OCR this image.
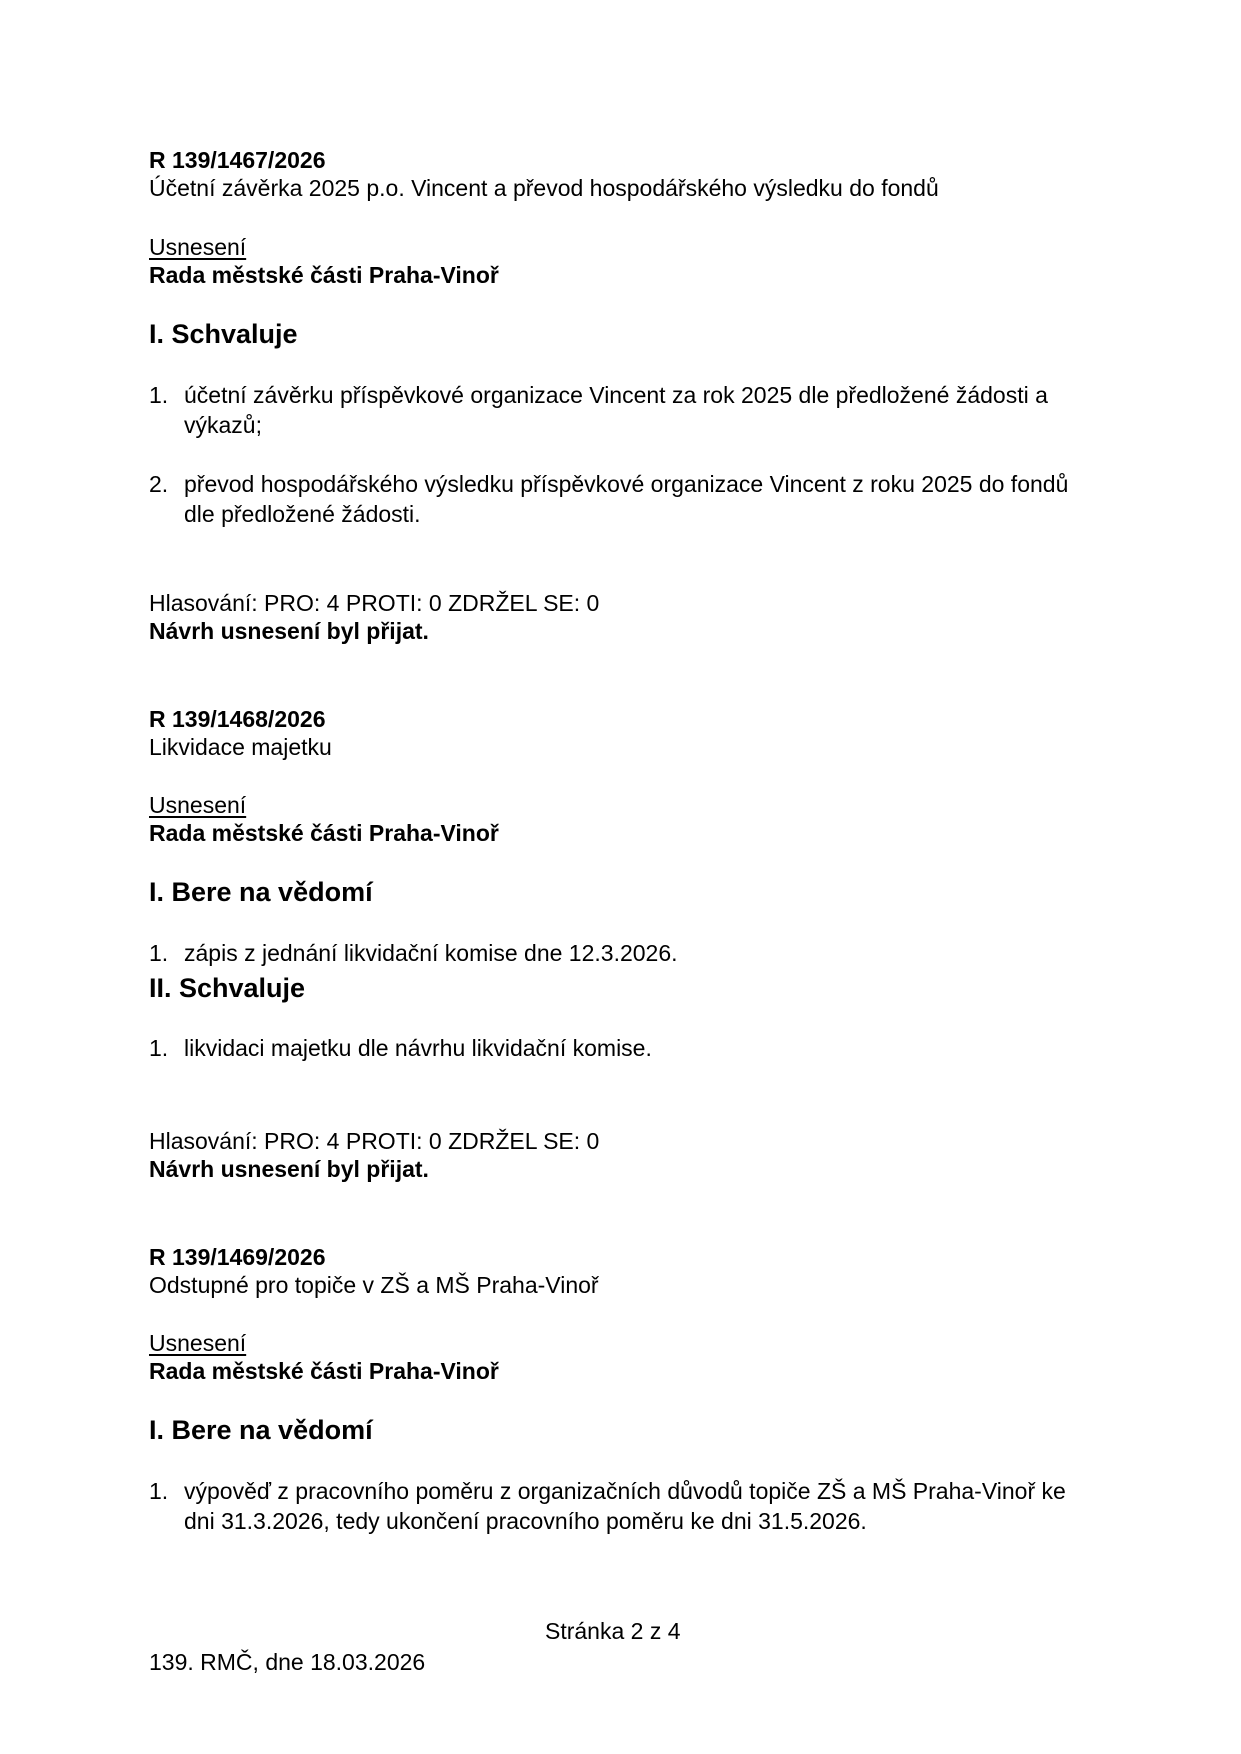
R 139/1467/2026
Účetní závěrka 2025 p.o. Vincent a převod hospodářského výsledku do fondů
Usnesení
Rada městské části Praha-Vinoř
I. Schvaluje
1. účetní závěrku příspěvkové organizace Vincent za rok 2025 dle předložené žádosti a výkazů;
2. převod hospodářského výsledku příspěvkové organizace Vincent z roku 2025 do fondů dle předložené žádosti.
Hlasování: PRO: 4 PROTI: 0 ZDRŽEL SE: 0
Návrh usnesení byl přijat.
R 139/1468/2026
Likvidace majetku
Usnesení
Rada městské části Praha-Vinoř
I. Bere na vědomí
1. zápis z jednání likvidační komise dne 12.3.2026.
II. Schvaluje
1. likvidaci majetku dle návrhu likvidační komise.
Hlasování: PRO: 4 PROTI: 0 ZDRŽEL SE: 0
Návrh usnesení byl přijat.
R 139/1469/2026
Odstupné pro topiče v ZŠ a MŠ Praha-Vinoř
Usnesení
Rada městské části Praha-Vinoř
I. Bere na vědomí
1. výpověď z pracovního poměru z organizačních důvodů topiče ZŠ a MŠ Praha-Vinoř ke dni 31.3.2026, tedy ukončení pracovního poměru ke dni 31.5.2026.
Stránka 2 z 4
139. RMČ, dne 18.03.2026
